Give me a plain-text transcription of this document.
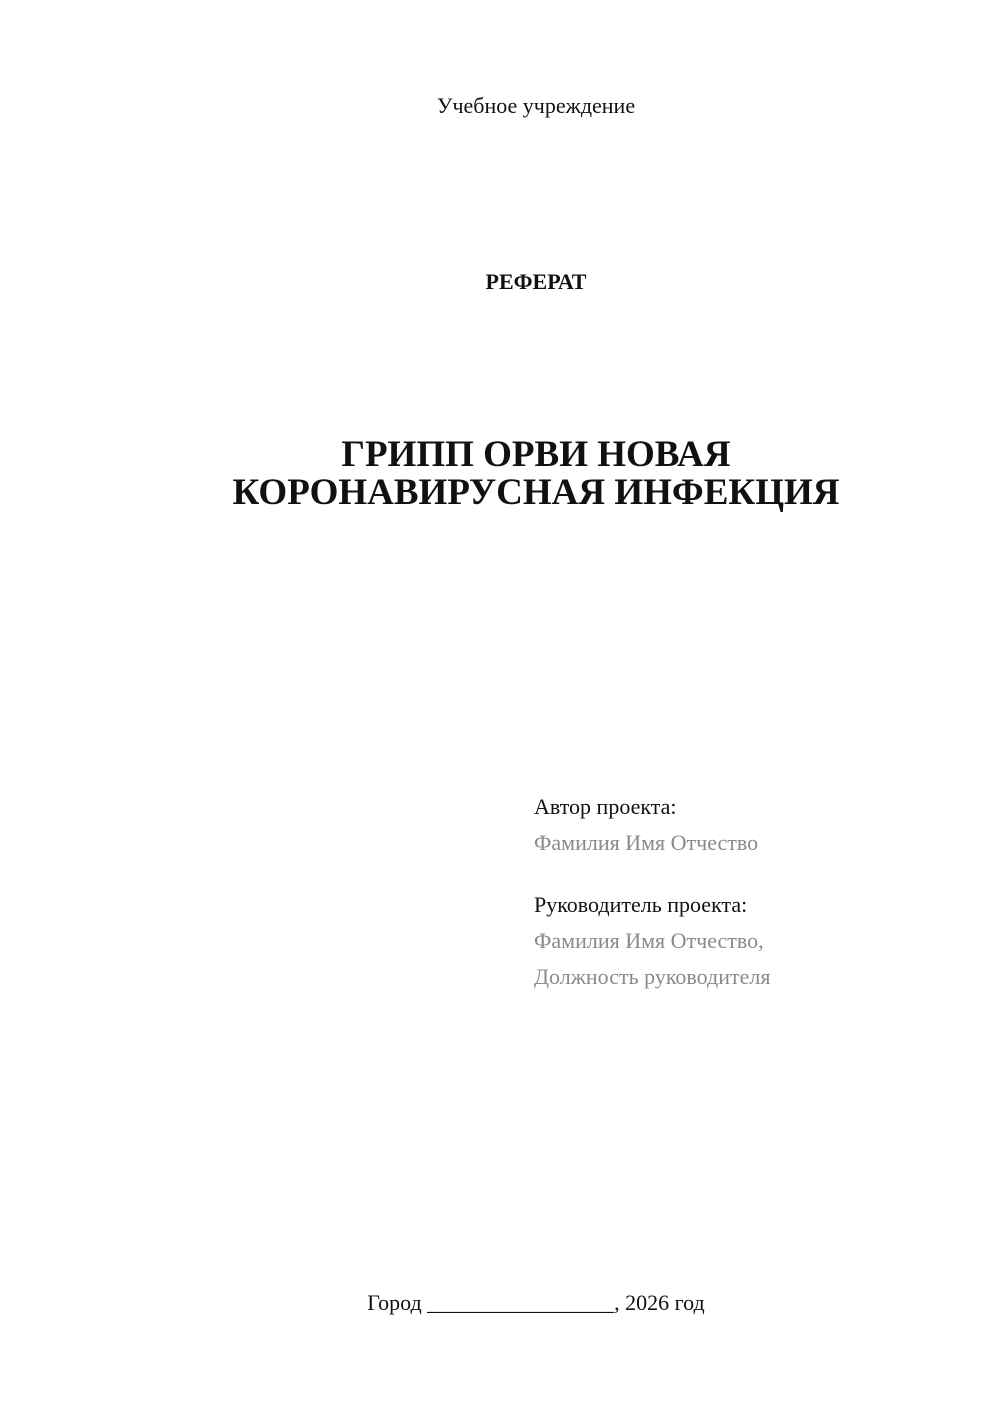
Учебное учреждение
РЕФЕРАТ
ГРИПП ОРВИ НОВАЯ
КОРОНАВИРУСНАЯ ИНФЕКЦИЯ
Автор проекта:
Фамилия Имя Отчество
Руководитель проекта:
Фамилия Имя Отчество,
Должность руководителя
Город _________________, 2026 год
